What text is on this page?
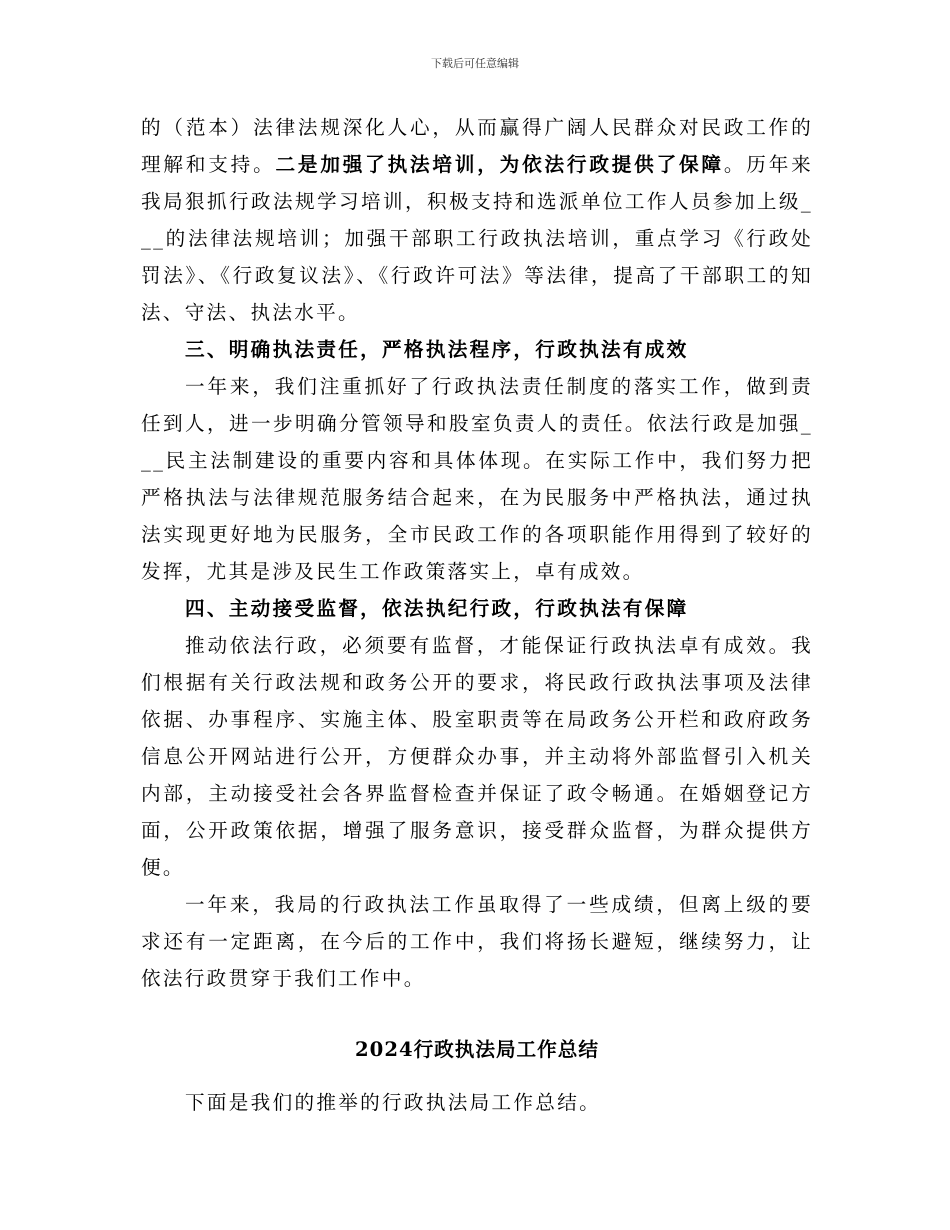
下载后可任意编辑

的（范本）法律法规深化人心，从而赢得广阔人民群众对民政工作的理解和支持。二是加强了执法培训，为依法行政提供了保障。历年来我局狠抓行政法规学习培训，积极支持和选派单位工作人员参加上级___的法律法规培训；加强干部职工行政执法培训，重点学习《行政处罚法》、《行政复议法》、《行政许可法》等法律，提高了干部职工的知法、守法、执法水平。

三、明确执法责任，严格执法程序，行政执法有成效

一年来，我们注重抓好了行政执法责任制度的落实工作，做到责任到人，进一步明确分管领导和股室负责人的责任。依法行政是加强___民主法制建设的重要内容和具体体现。在实际工作中，我们努力把严格执法与法律规范服务结合起来，在为民服务中严格执法，通过执法实现更好地为民服务，全市民政工作的各项职能作用得到了较好的发挥，尤其是涉及民生工作政策落实上，卓有成效。

四、主动接受监督，依法执纪行政，行政执法有保障

推动依法行政，必须要有监督，才能保证行政执法卓有成效。我们根据有关行政法规和政务公开的要求，将民政行政执法事项及法律依据、办事程序、实施主体、股室职责等在局政务公开栏和政府政务信息公开网站进行公开，方便群众办事，并主动将外部监督引入机关内部，主动接受社会各界监督检查并保证了政令畅通。在婚姻登记方面，公开政策依据，增强了服务意识，接受群众监督，为群众提供方便。

一年来，我局的行政执法工作虽取得了一些成绩，但离上级的要求还有一定距离，在今后的工作中，我们将扬长避短，继续努力，让依法行政贯穿于我们工作中。

2024行政执法局工作总结

下面是我们的推举的行政执法局工作总结。
